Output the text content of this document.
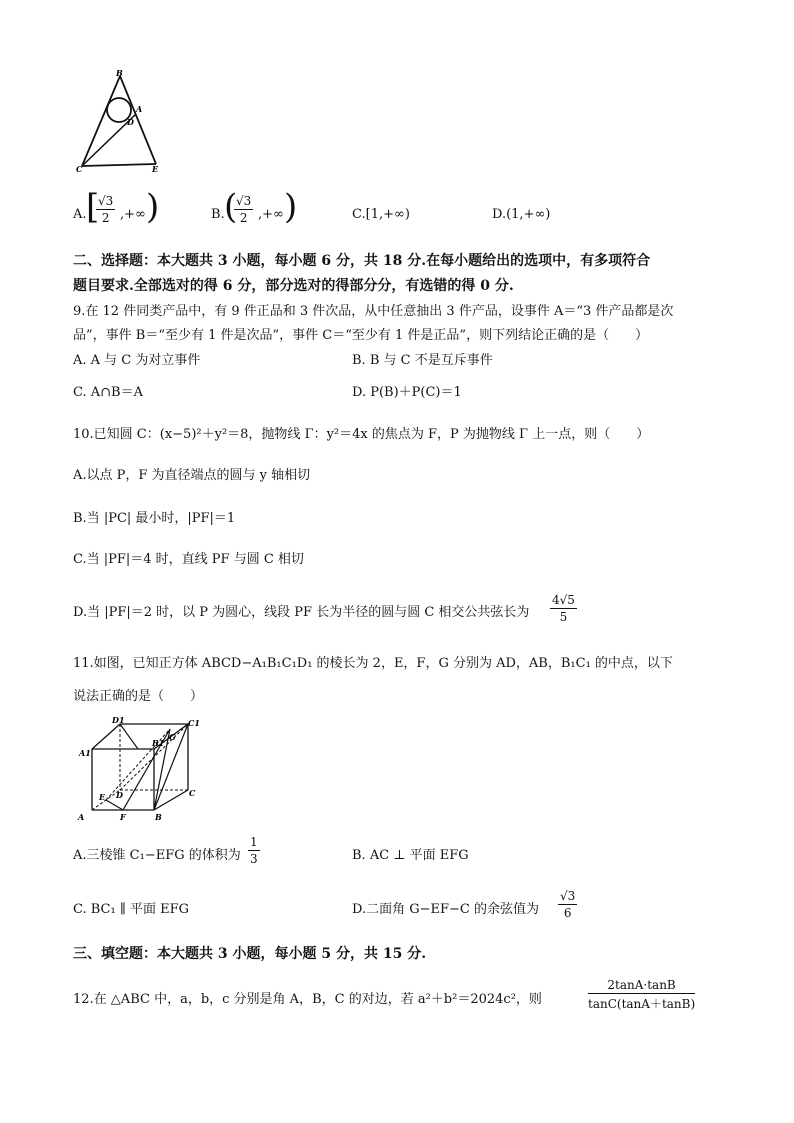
B
A
D
C	E
A. [
$\frac{√3}{2}$ ,+∞ )	B. (
$\frac{√3}{2}$ ,+∞ )	C.[1,+∞)	D.(1,+∞)
二、选择题：本大题共 3 小题，每小题 6 分，共 18 分.在每小题给出的选项中，有多项符合
题目要求.全部选对的得 6 分，部分选对的得部分分，有选错的得 0 分.
9.在 12 件同类产品中，有 9 件正品和 3 件次品，从中任意抽出 3 件产品，设事件 A＝“3 件产品都是次
品”，事件 B＝“至少有 1 件是次品”，事件 C＝“至少有 1 件是正品”，则下列结论正确的是（　　）
A. A 与 C 为对立事件	B. B 与 C 不是互斥事件
C. A∩B＝A	D. P(B)＋P(C)＝1
10.已知圆 C：(x−5)²＋y²＝8，抛物线 Γ：y²＝4x 的焦点为 F，P 为抛物线 Γ 上一点，则（　　）
A.以点 P，F 为直径端点的圆与 y 轴相切
B.当 |PC| 最小时，|PF|＝1
C.当 |PF|＝4 时，直线 PF 与圆 C 相切
D.当 |PF|＝2 时，以 P 为圆心，线段 PF 长为半径的圆与圆 C 相交公共弦长为 $\frac{4√5}{5}$
11.如图，已知正方体 ABCD−A₁B₁C₁D₁ 的棱长为 2，E，F，G 分别为 AD，AB，B₁C₁ 的中点，以下
说法正确的是（　　）
D1	C1
A1
B1
G
D	C
E
A	F	B
A.三棱锥 C₁−EFG 的体积为 $\frac{1}{3}$	B. AC ⊥ 平面 EFG
C. BC₁ ∥ 平面 EFG	D.二面角 G−EF−C 的余弦值为 $\frac{√3}{6}$
三、填空题：本大题共 3 小题，每小题 5 分，共 15 分.
12.在 △ABC 中，a，b，c 分别是角 A，B，C 的对边，若 a²＋b²＝2024c²，则	$\frac{2\tan A\cdot\tan B}{\tan C(\tan A+\tan B)}$
